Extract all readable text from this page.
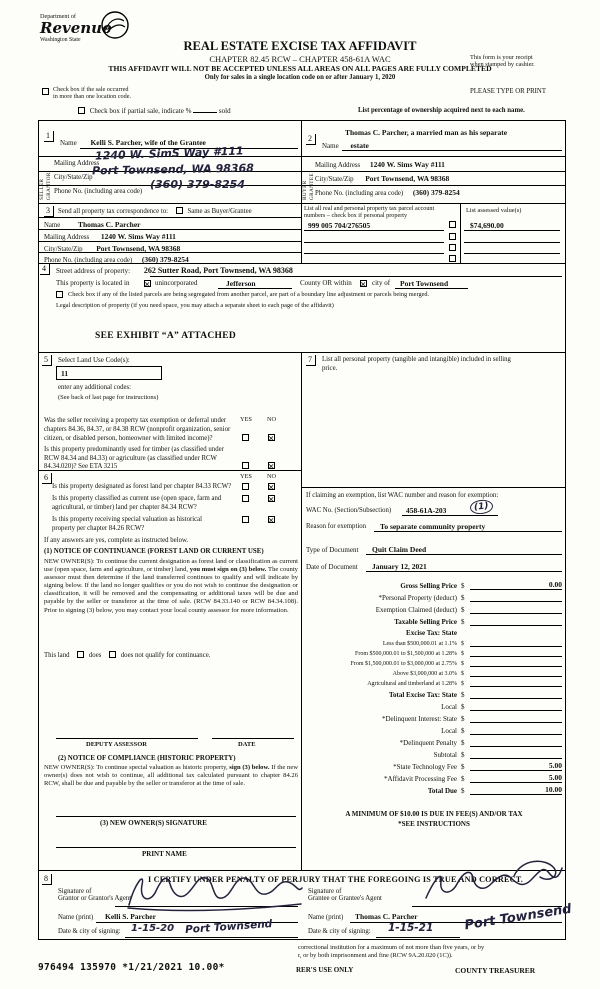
Department of
Revenue
Washington State	REAL ESTATE EXCISE TAX AFFIDAVIT
CHAPTER 82.45 RCW – CHAPTER 458-61A WAC
THIS AFFIDAVIT WILL NOT BE ACCEPTED UNLESS ALL AREAS ON ALL PAGES ARE FULLY COMPLETED
Only for sales in a single location code on or after January 1, 2020
This form is your receipt
when stamped by cashier.
PLEASE TYPE OR PRINT
Check box if the sale occurred
in more than one location code.
Check box if partial sale, indicate %	sold	List percentage of ownership acquired next to each name.
1
SELLER GRANTOR
Name Kelli S. Parcher, wife of the Grantee
Mailing Address
1240 W. SimS Way #111
City/State/Zip
Port Townsend, WA 98368
Phone No. (including area code)
(360) 379-8254
2
BUYER GRANTEE
Thomas C. Parcher, a married man as his separate
Name estate
Mailing Address 1240 W. Sims Way #111
City/State/Zip Port Townsend, WA 98368
Phone No. (including area code) (360) 379-8254
3	Send all property tax correspondence to:	Same as Buyer/Grantee
Name Thomas C. Parcher
Mailing Address 1240 W. Sims Way #111
City/State/Zip Port Townsend, WA 98368
Phone No. (including area code) (360) 379-8254
List all real and personal property tax parcel account numbers – check box if personal property
List assessed value(s)
999 005 704/276505	$74,690.00
4	Street address of property: 262 Sutter Road, Port Townsend, WA 98368
This property is located in ✕	unincorporated	Jefferson	County OR within ✕	city of Port Townsend
Check box if any of the listed parcels are being segregated from another parcel, are part of a boundary line adjustment or parcels being merged.
Legal description of property (if you need space, you may attach a separate sheet to each page of the affidavit)
SEE EXHIBIT “A” ATTACHED
5	Select Land Use Code(s):
11
enter any additional codes:
(See back of last page for instructions)
YES NO
Was the seller receiving a property tax exemption or deferral under
chapters 84.36, 84.37, or 84.38 RCW (nonprofit organization, senior
citizen, or disabled person, homeowner with limited income)?
✕
Is this property predominantly used for timber (as classified under
RCW 84.34 and 84.33) or agriculture (as classified under RCW
84.34.020)? See ETA 3215
✕
6	YES NO
Is this property designated as forest land per chapter 84.33 RCW?
✕
Is this property classified as current use (open space, farm and
agricultural, or timber) land per chapter 84.34 RCW?
✕
Is this property receiving special valuation as historical
property per chapter 84.26 RCW?
✕
If any answers are yes, complete as instructed below.
(1) NOTICE OF CONTINUANCE (FOREST LAND OR CURRENT USE)
NEW OWNER(S): To continue the current designation as forest land or classification as current use (open space, farm and agriculture, or timber) land, you must sign on (3) below. The county assessor must then determine if the land transferred continues to qualify and will indicate by signing below. If the land no longer qualifies or you do not wish to continue the designation or classification, it will be removed and the compensating or additional taxes will be due and payable by the seller or transferor at the time of sale. (RCW 84.33.140 or RCW 84.34.108). Prior to signing (3) below, you may contact your local county assessor for more information.
This land	does	does not qualify for continuance.
DEPUTY ASSESSOR	DATE
(2) NOTICE OF COMPLIANCE (HISTORIC PROPERTY)
NEW OWNER(S): To continue special valuation as historic property, sign (3) below. If the new owner(s) does not wish to continue, all additional tax calculated pursuant to chapter 84.26 RCW, shall be due and payable by the seller or transferor at the time of sale.
(3) NEW OWNER(S) SIGNATURE
PRINT NAME
7	List all personal property (tangible and intangible) included in selling
price.
If claiming an exemption, list WAC number and reason for exemption:
WAC No. (Section/Subsection) 458-61A-203	(1)
Reason for exemption To separate community property
Type of Document Quit Claim Deed
Date of Document January 12, 2021
Gross Selling Price $	0.00
*Personal Property (deduct) $
Exemption Claimed (deduct) $
Taxable Selling Price $
Excise Tax: State
Less than $500,000.01 at 1.1% $
From $500,000.01 to $1,500,000 at 1.28% $
From $1,500,000.01 to $3,000,000 at 2.75% $
Above $3,000,000 at 3.0% $
Agricultural and timberland at 1.28% $
Total Excise Tax: State $
Local $
*Delinquent Interest: State $
Local $
*Delinquent Penalty $
Subtotal $
*State Technology Fee $	5.00
*Affidavit Processing Fee $	5.00
Total Due $	10.00
A MINIMUM OF $10.00 IS DUE IN FEE(S) AND/OR TAX
*SEE INSTRUCTIONS
8	I CERTIFY UNDER PENALTY OF PERJURY THAT THE FOREGOING IS TRUE AND CORRECT.
Signature of
Grantor or Grantor's Agent
Signature of
Grantee or Grantee's Agent
Name (print) Kelli S. Parcher	Name (print) Thomas C. Parcher
Date & city of signing: 1-15-20 Port Townsend	Date & city of signing: 1-15-21 Port Townsend
correctional institution for a maximum of not more than five years, or by
r, or by both imprisonment and fine (RCW 9A.20.020 (1C)).
976494 135970 *1/21/2021 10.00*	RER'S USE ONLY	COUNTY TREASURER
